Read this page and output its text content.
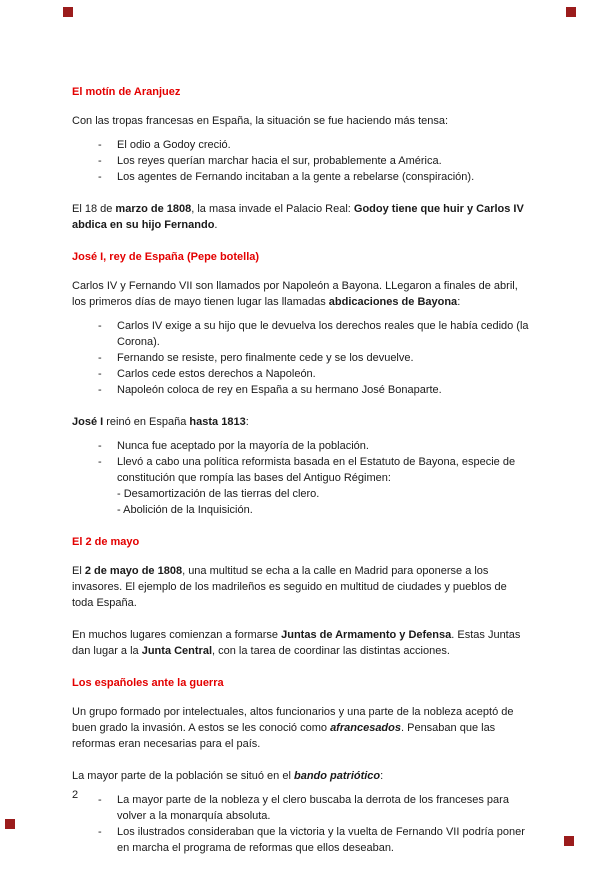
El motín de Aranjuez

Con las tropas francesas en España, la situación se fue haciendo más tensa:

-	El odio a Godoy creció.
-	Los reyes querían marchar hacia el sur, probablemente a América.
-	Los agentes de Fernando incitaban a la gente a rebelarse (conspiración).

El 18 de marzo de 1808, la masa invade el Palacio Real: Godoy tiene que huir y Carlos IV abdica en su hijo Fernando.

José I, rey de España (Pepe botella)

Carlos IV y Fernando VII son llamados por Napoleón a Bayona. LLegaron a finales de abril, los primeros días de mayo tienen lugar las llamadas abdicaciones de Bayona:

-	Carlos IV exige a su hijo que le devuelva los derechos reales que le había cedido (la Corona).
-	Fernando se resiste, pero finalmente cede y se los devuelve.
-	Carlos cede estos derechos a Napoleón.
-	Napoleón coloca de rey en España a su hermano José Bonaparte.

José I reinó en España hasta 1813:

-	Nunca fue aceptado por la mayoría de la población.
-	Llevó a cabo una política reformista basada en el Estatuto de Bayona, especie de constitución que rompía las bases del Antiguo Régimen:
- Desamortización de las tierras del clero.
- Abolición de la Inquisición.
El 2 de mayo

El 2 de mayo de 1808, una multitud se echa a la calle en Madrid para oponerse a los invasores. El ejemplo de los madrileños es seguido en multitud de ciudades y pueblos de toda España.

En muchos lugares comienzan a formarse Juntas de Armamento y Defensa. Estas Juntas dan lugar a la Junta Central, con la tarea de coordinar las distintas acciones.

Los españoles ante la guerra

Un grupo formado por intelectuales, altos funcionarios y una parte de la nobleza aceptó de buen grado la invasión. A estos se les conoció como afrancesados. Pensaban que las reformas eran necesarias para el país.

La mayor parte de la población se situó en el bando patriótico:

-	La mayor parte de la nobleza y el clero buscaba la derrota de los franceses para volver a la monarquía absoluta.
-	Los ilustrados consideraban que la victoria y la vuelta de Fernando VII podría poner en marcha el programa de reformas que ellos deseaban.
2
